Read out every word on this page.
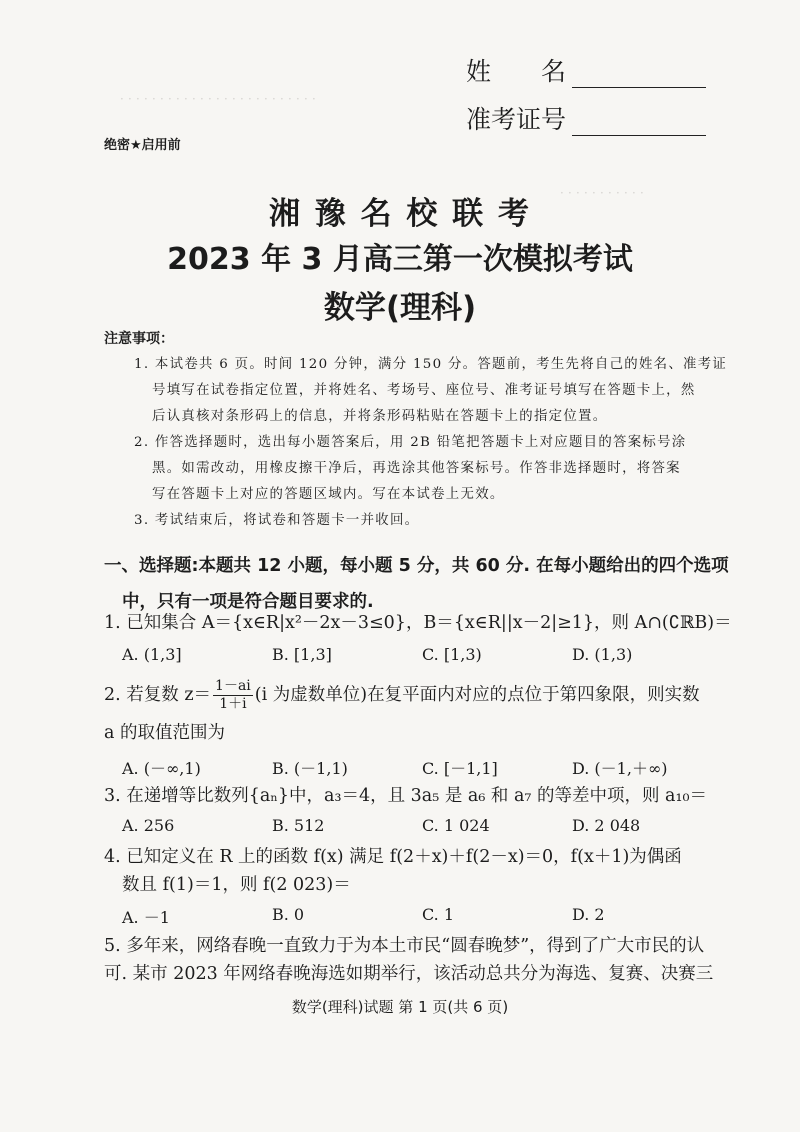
．．．．．．．．．．．．．．．．．．．．．．．．．
．．．．．．．．．．．
姓　　名
准考证号
绝密★启用前
湘 豫 名 校 联 考
2023 年 3 月高三第一次模拟考试
数学(理科)
注意事项：
1. 本试卷共 6 页。时间 120 分钟，满分 150 分。答题前，考生先将自己的姓名、准考证
号填写在试卷指定位置，并将姓名、考场号、座位号、准考证号填写在答题卡上，然
后认真核对条形码上的信息，并将条形码粘贴在答题卡上的指定位置。
2. 作答选择题时，选出每小题答案后，用 2B 铅笔把答题卡上对应题目的答案标号涂
黑。如需改动，用橡皮擦干净后，再选涂其他答案标号。作答非选择题时，将答案
写在答题卡上对应的答题区域内。写在本试卷上无效。
3. 考试结束后，将试卷和答题卡一并收回。
一、选择题:本题共 12 小题，每小题 5 分，共 60 分. 在每小题给出的四个选项
中，只有一项是符合题目要求的.
1. 已知集合 A＝{x∈R|x²－2x－3≤0}，B＝{x∈R||x－2|≥1}，则 A∩(∁ℝB)＝
A. (1,3]	B. [1,3]	C. [1,3)	D. (1,3)
2. 若复数 $z= \frac{1-ai}{1+i} (i$ 为虚数单位)在复平面内对应的点位于第四象限，则实数
a 的取值范围为
A. (－∞,1)	B. (－1,1)	C. [－1,1]	D. (－1,＋∞)
3. 在递增等比数列{aₙ}中，a₃＝4，且 3a₅ 是 a₆ 和 a₇ 的等差中项，则 a₁₀＝
A. 256	B. 512	C. 1 024	D. 2 048
4. 已知定义在 R 上的函数 f(x) 满足 f(2＋x)＋f(2－x)＝0，f(x＋1)为偶函
数且 f(1)＝1，则 f(2 023)＝
A. －1	B. 0	C. 1	D. 2
5. 多年来，网络春晚一直致力于为本土市民“圆春晚梦”，得到了广大市民的认
可. 某市 2023 年网络春晚海选如期举行，该活动总共分为海选、复赛、决赛三
数学(理科)试题 第 1 页(共 6 页)
